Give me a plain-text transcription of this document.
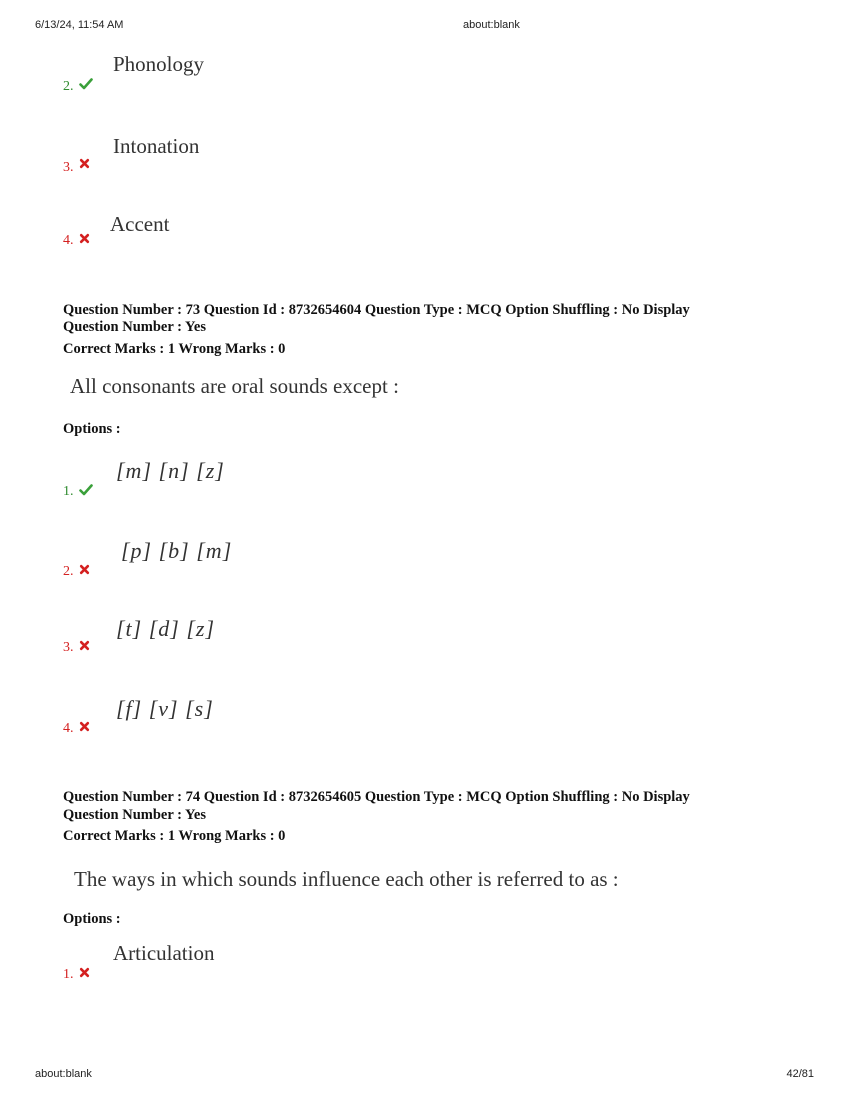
6/13/24, 11:54 AM	about:blank
Phonology
2.
Intonation
3.
Accent
4.
Question Number : 73 Question Id : 8732654604 Question Type : MCQ Option Shuffling : No Display
Question Number : Yes
Correct Marks : 1 Wrong Marks : 0
All consonants are oral sounds except :
Options :
[m] [n] [z]
1.
[p] [b] [m]
2.
[t] [d] [z]
3.
[f] [v] [s]
4.
Question Number : 74 Question Id : 8732654605 Question Type : MCQ Option Shuffling : No Display
Question Number : Yes
Correct Marks : 1 Wrong Marks : 0
The ways in which sounds influence each other is referred to as :
Options :
Articulation
1.
about:blank	42/81
